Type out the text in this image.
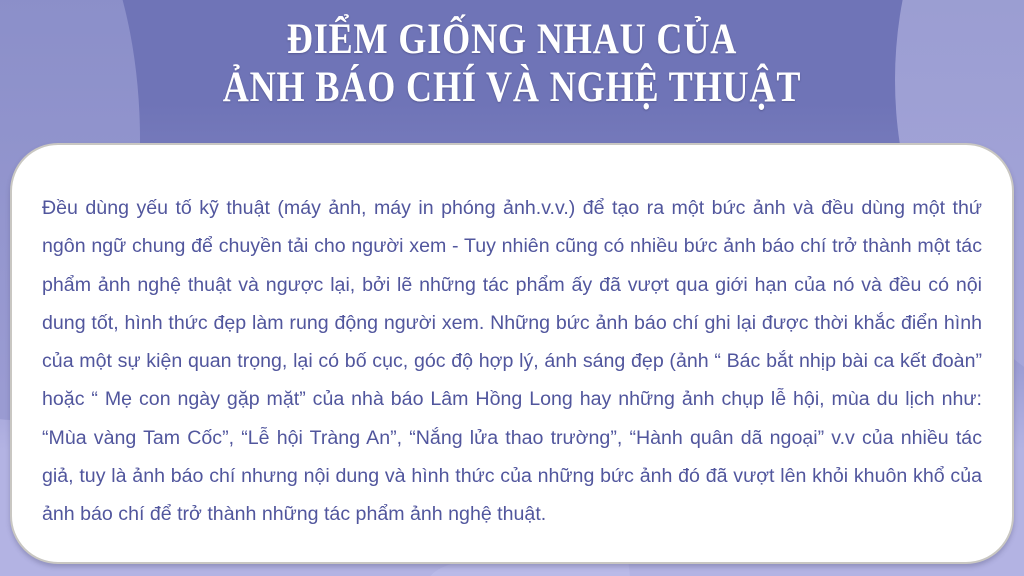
ĐIỂM GIỐNG NHAU CỦA
ẢNH BÁO CHÍ VÀ NGHỆ THUẬT

Đều dùng yếu tố kỹ thuật (máy ảnh, máy in phóng ảnh.v.v.) để tạo ra một bức ảnh và đều dùng một thứ ngôn ngữ chung để chuyền tải cho người xem - Tuy nhiên cũng có nhiều bức ảnh báo chí trở thành một tác phẩm ảnh nghệ thuật và ngược lại, bởi lẽ những tác phẩm ấy đã vượt qua giới hạn của nó và đều có nội dung tốt, hình thức đẹp làm rung động người xem. Những bức ảnh báo chí ghi lại được thời khắc điển hình của một sự kiện quan trọng, lại có bố cục, góc độ hợp lý, ánh sáng đẹp (ảnh “ Bác bắt nhịp bài ca kết đoàn” hoặc “ Mẹ con ngày gặp mặt” của nhà báo Lâm Hồng Long hay những ảnh chụp lễ hội, mùa du lịch như: “Mùa vàng Tam Cốc”, “Lễ hội Tràng An”, “Nắng lửa thao trường”, “Hành quân dã ngoại” v.v của nhiều tác giả, tuy là ảnh báo chí nhưng nội dung và hình thức của những bức ảnh đó đã vượt lên khỏi khuôn khổ của ảnh báo chí để trở thành những tác phẩm ảnh nghệ thuật.
